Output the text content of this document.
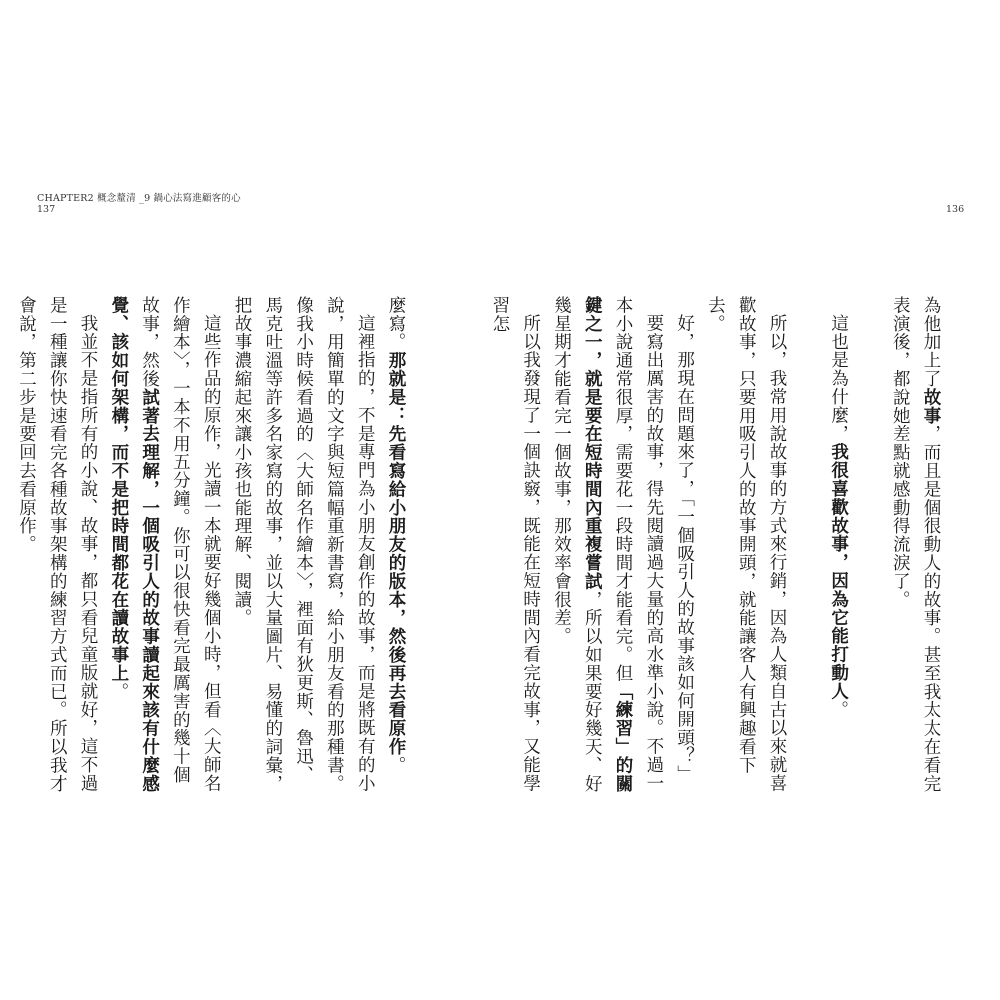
CHAPTER2 概念釐清 _9 鍋心法寫進顧客的心
137	136

為他加上了故事，而且是個很動人的故事。甚至我太太在看完表演後，都說她差點就感動得流淚了。

這也是為什麼，我很喜歡故事，因為它能打動人。

所以，我常用說故事的方式來行銷，因為人類自古以來就喜歡故事，只要用吸引人的故事開頭，就能讓客人有興趣看下去。

好，那現在問題來了，「一個吸引人的故事該如何開頭？」

要寫出厲害的故事，得先閱讀過大量的高水準小說。不過一本小說通常很厚，需要花一段時間才能看完。但「練習」的關鍵之一，就是要在短時間內重複嘗試，所以如果要好幾天、好幾星期才能看完一個故事，那效率會很差。

所以我發現了一個訣竅，既能在短時間內看完故事，又能學習怎

麼寫。那就是：先看寫給小朋友的版本，然後再去看原作。

這裡指的，不是專門為小朋友創作的故事，而是將既有的小說，用簡單的文字與短篇幅重新書寫，給小朋友看的那種書。像我小時候看過的〈大師名作繪本〉，裡面有狄更斯、魯迅、馬克吐溫等許多名家寫的故事，並以大量圖片、易懂的詞彙，把故事濃縮起來讓小孩也能理解、閱讀。

這些作品的原作，光讀一本就要好幾個小時，但看〈大師名作繪本〉，一本不用五分鐘。你可以很快看完最厲害的幾十個故事，然後試著去理解，一個吸引人的故事讀起來該有什麼感覺、該如何架構，而不是把時間都花在讀故事上。

我並不是指所有的小說、故事，都只看兒童版就好，這不過是一種讓你快速看完各種故事架構的練習方式而已。所以我才會說，第二步是要回去看原作。
